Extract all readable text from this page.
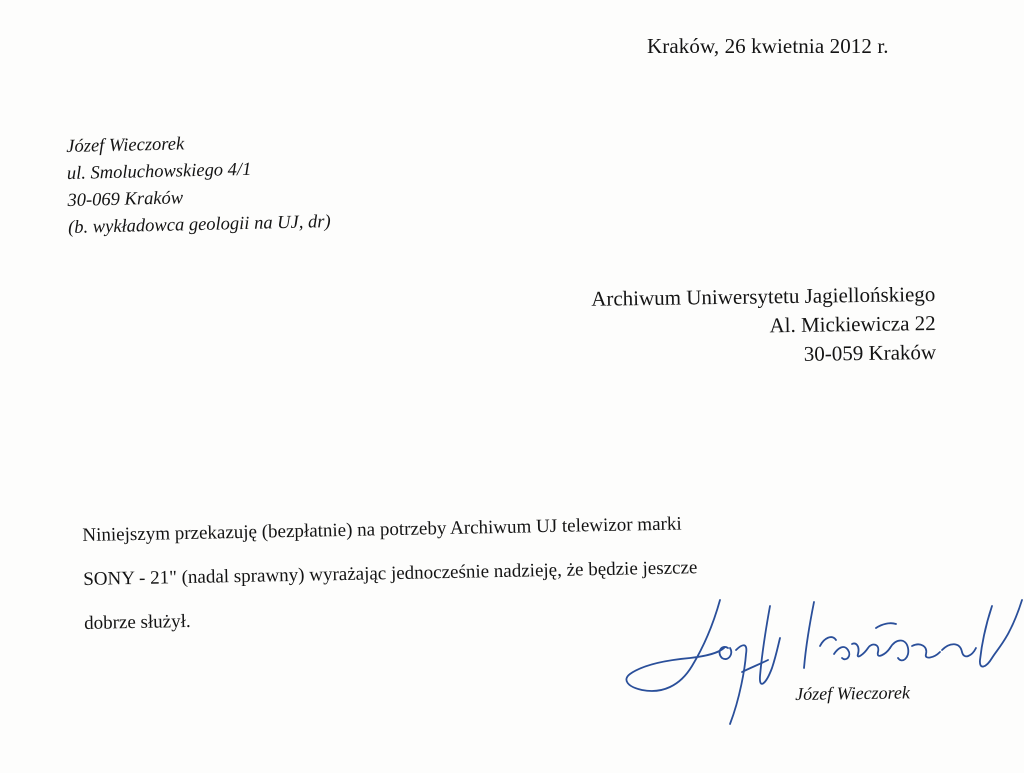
Kraków, 26 kwietnia 2012 r.
Józef Wieczorek
ul. Smoluchowskiego 4/1
30-069 Kraków
(b. wykładowca geologii na UJ, dr)
Archiwum Uniwersytetu Jagiellońskiego
Al. Mickiewicza 22
30-059 Kraków
Niniejszym przekazuję (bezpłatnie) na potrzeby Archiwum UJ telewizor marki
SONY - 21" (nadal sprawny) wyrażając jednocześnie nadzieję, że będzie jeszcze
dobrze służył.
Józef Wieczorek
